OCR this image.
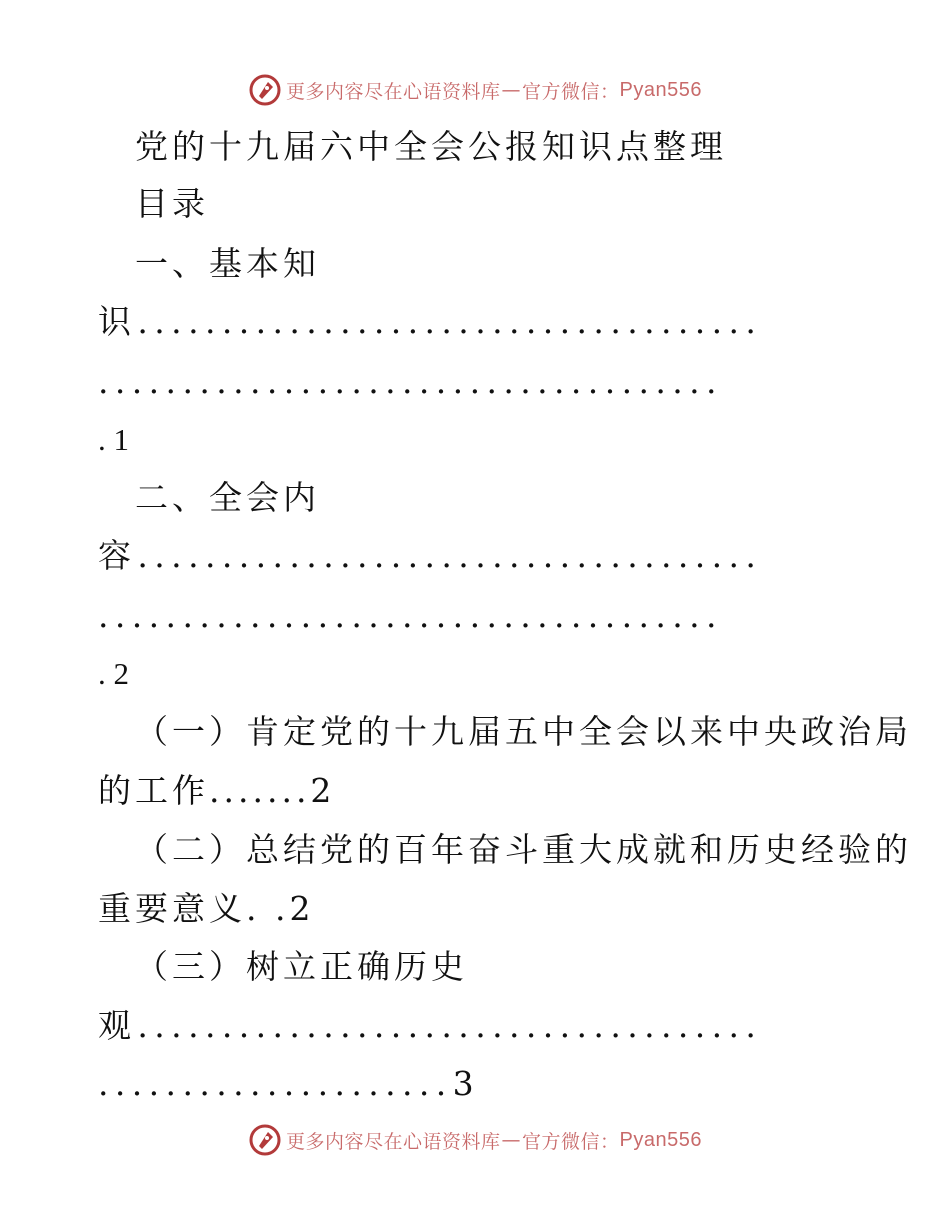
更多内容尽在心语资料库 — 官方微信： Pyan556
党的十九届六中全会公报知识点整理
目录
一、基本知
识.....................................
.....................................
. 1
二、全会内
容.....................................
.....................................
. 2
（一）肯定党的十九届五中全会以来中央政治局
的工作.......2
（二）总结党的百年奋斗重大成就和历史经验的
重要意义. .2
（三）树立正确历史
观.....................................
.....................3
更多内容尽在心语资料库 — 官方微信： Pyan556
